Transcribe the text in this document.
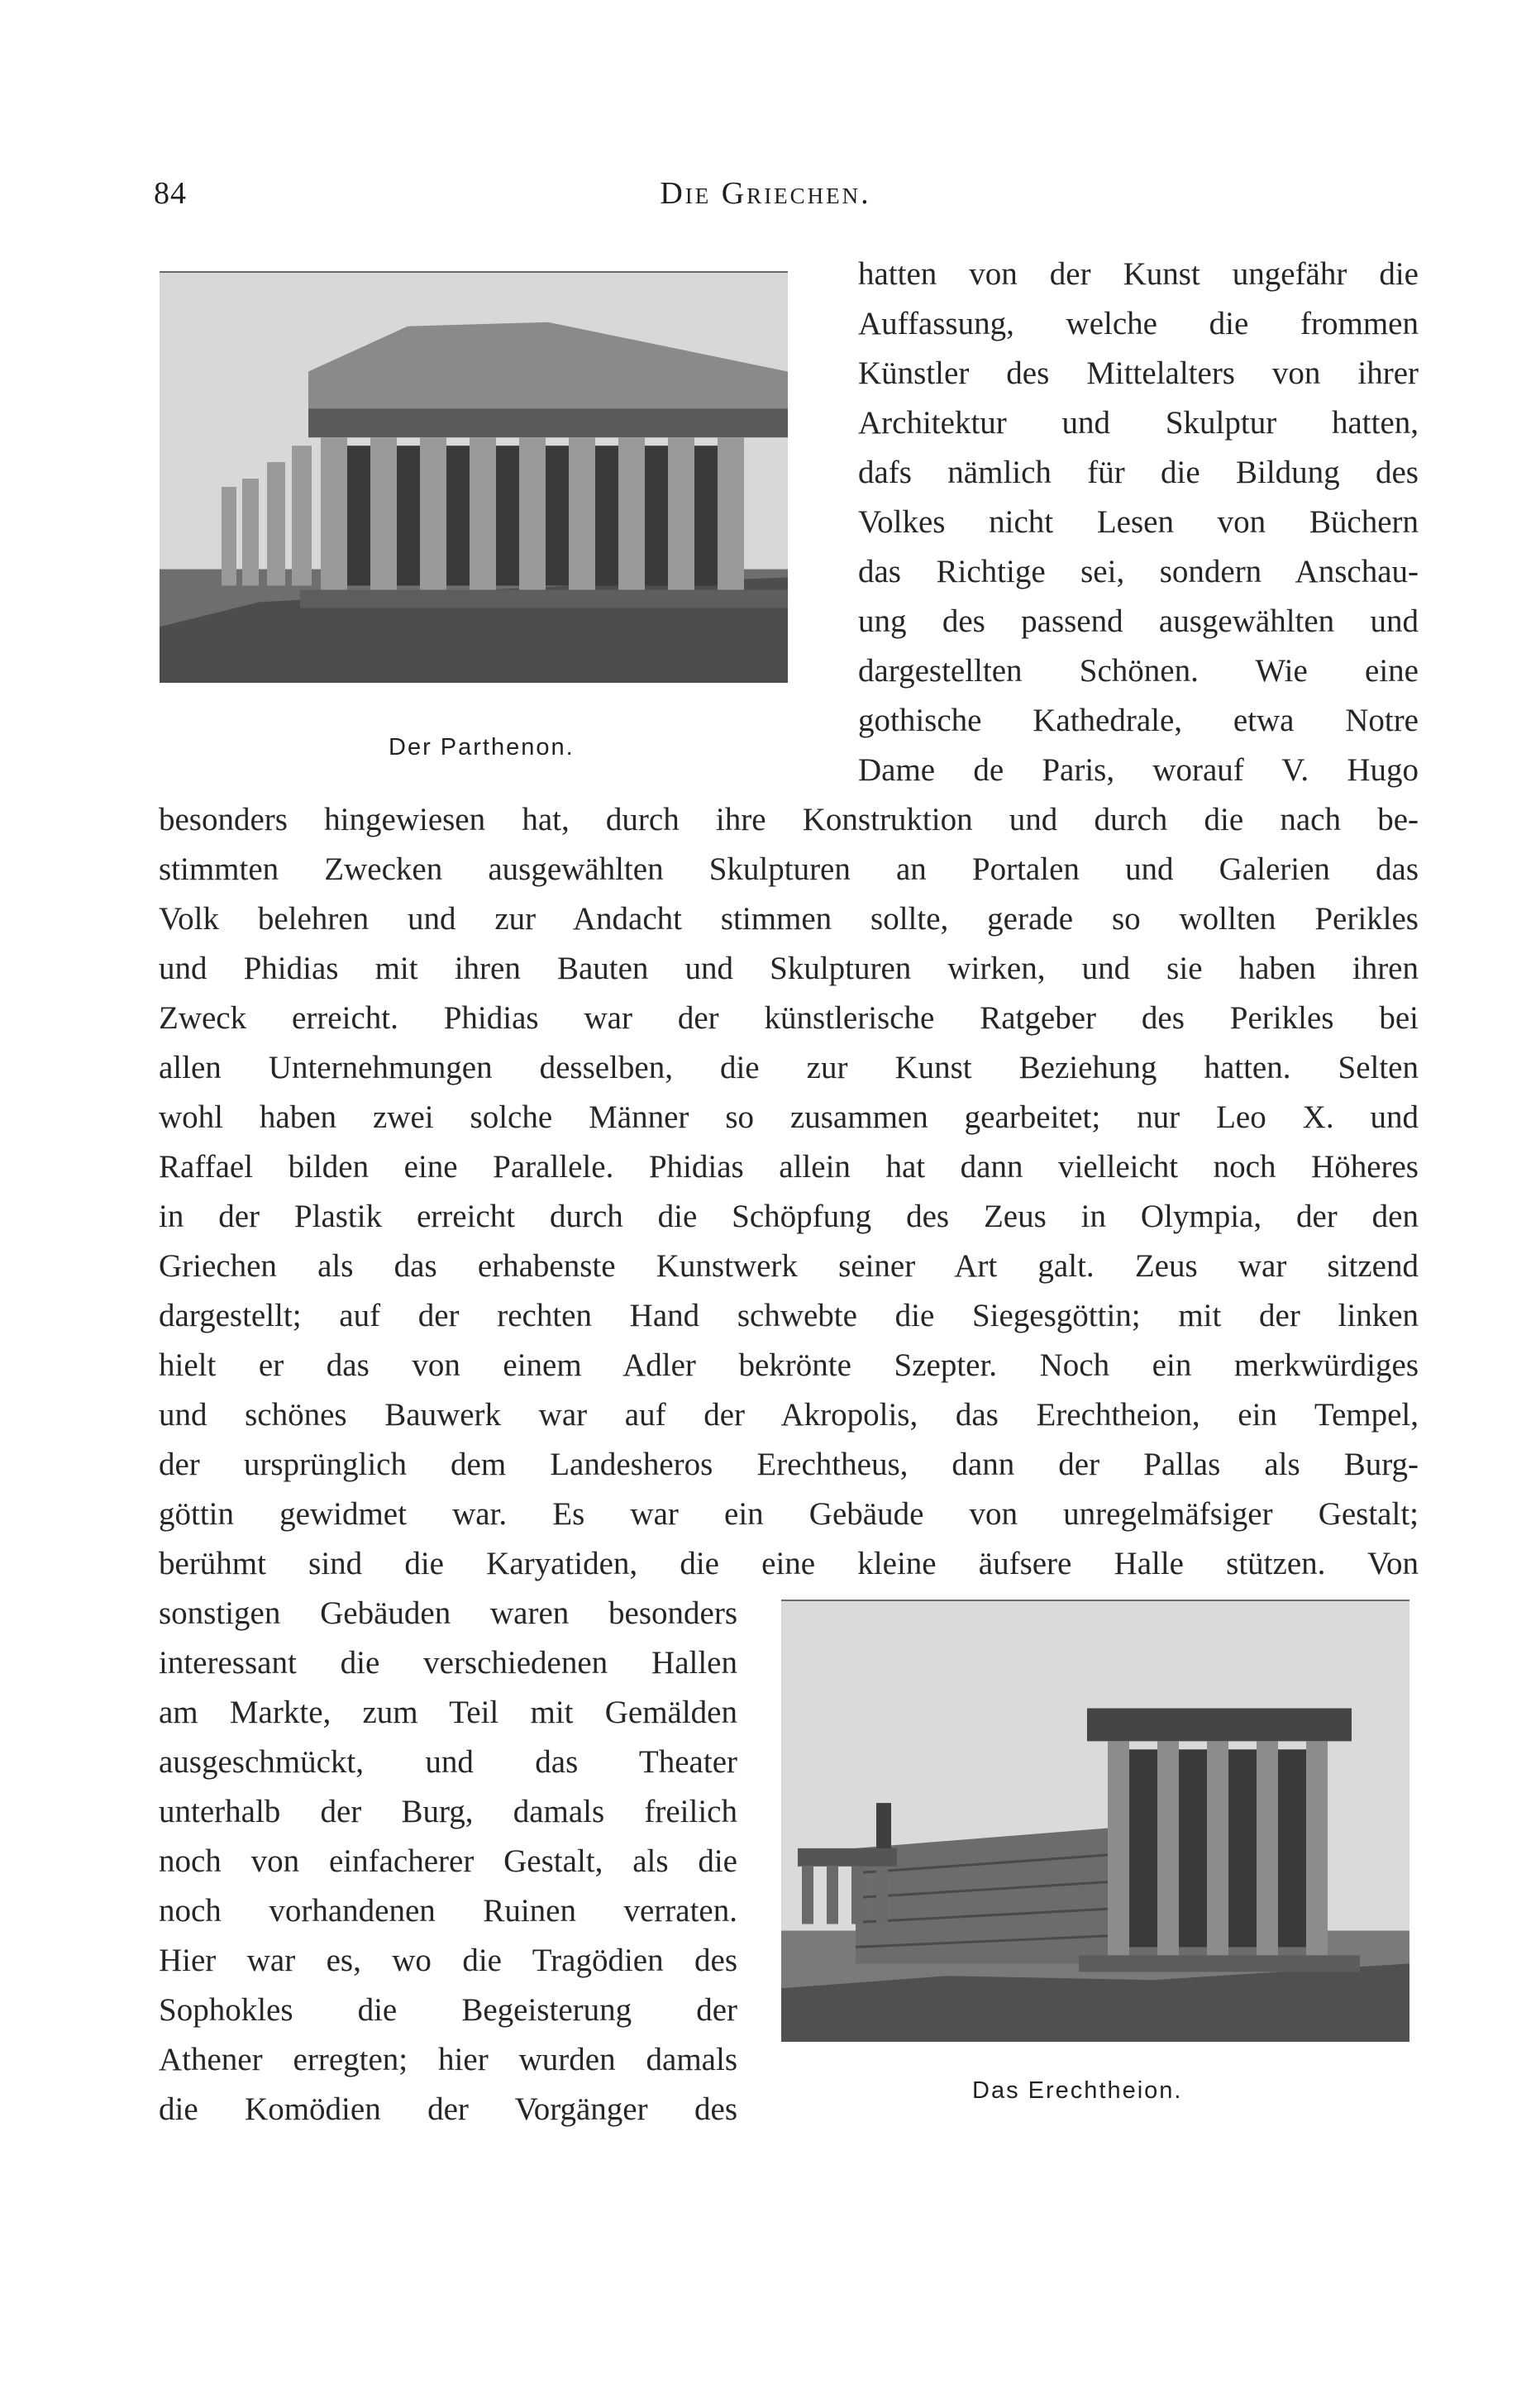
84	Die Griechen.
Der Parthenon.
hatten von der Kunst ungefähr die
Auffassung, welche die frommen
Künstler des Mittelalters von ihrer
Architektur und Skulptur hatten,
dafs nämlich für die Bildung des
Volkes nicht Lesen von Büchern
das Richtige sei, sondern Anschau-
ung des passend ausgewählten und
dargestellten Schönen. Wie eine
gothische Kathedrale, etwa Notre
Dame de Paris, worauf V. Hugo
besonders hingewiesen hat, durch ihre Konstruktion und durch die nach be-
stimmten Zwecken ausgewählten Skulpturen an Portalen und Galerien das
Volk belehren und zur Andacht stimmen sollte, gerade so wollten Perikles
und Phidias mit ihren Bauten und Skulpturen wirken, und sie haben ihren
Zweck erreicht. Phidias war der künstlerische Ratgeber des Perikles bei
allen Unternehmungen desselben, die zur Kunst Beziehung hatten. Selten
wohl haben zwei solche Männer so zusammen gearbeitet; nur Leo X. und
Raffael bilden eine Parallele. Phidias allein hat dann vielleicht noch Höheres
in der Plastik erreicht durch die Schöpfung des Zeus in Olympia, der den
Griechen als das erhabenste Kunstwerk seiner Art galt. Zeus war sitzend
dargestellt; auf der rechten Hand schwebte die Siegesgöttin; mit der linken
hielt er das von einem Adler bekrönte Szepter. Noch ein merkwürdiges
und schönes Bauwerk war auf der Akropolis, das Erechtheion, ein Tempel,
der ursprünglich dem Landesheros Erechtheus, dann der Pallas als Burg-
göttin gewidmet war. Es war ein Gebäude von unregelmäfsiger Gestalt;
berühmt sind die Karyatiden, die eine kleine äufsere Halle stützen. Von
sonstigen Gebäuden waren besonders
interessant die verschiedenen Hallen
am Markte, zum Teil mit Gemälden
ausgeschmückt, und das Theater
unterhalb der Burg, damals freilich
noch von einfacherer Gestalt, als die
noch vorhandenen Ruinen verraten.
Hier war es, wo die Tragödien des
Sophokles die Begeisterung der
Athener erregten; hier wurden damals
die Komödien der Vorgänger des
Das Erechtheion.
